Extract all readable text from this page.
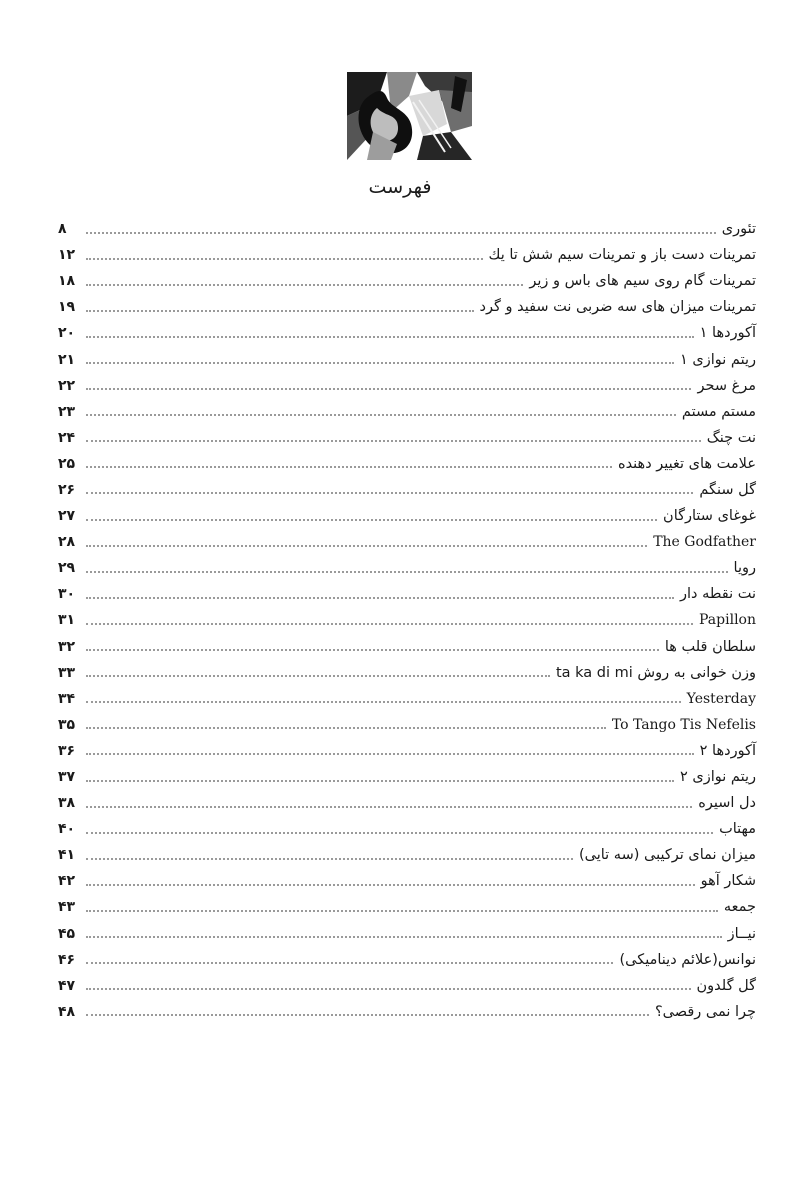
فهرست
تئوری
۸
تمرینات دست باز و تمرینات سیم شش تا یك
۱۲
تمرینات گام روی سیم های باس و زیر
۱۸
تمرینات میزان های سه ضربی نت سفید و گرد
۱۹
آکوردها ۱
۲۰
ریتم نوازی ۱
۲۱
مرغ سحر
۲۲
مستم مستم
۲۳
نت چنگ
۲۴
علامت های تغییر دهنده
۲۵
گل سنگم
۲۶
غوغای ستارگان
۲۷
The Godfather
۲۸
رویا
۲۹
نت نقطه دار
۳۰
Papillon
۳۱
سلطان قلب ها
۳۲
وزن خوانی به روش ta ka di mi
۳۳
Yesterday
۳۴
To Tango Tis Nefelis
۳۵
آکوردها ۲
۳۶
ریتم نوازی ۲
۳۷
دل اسیره
۳۸
مهتاب
۴۰
میزان نمای ترکیبی (سه تایی)
۴۱
شکار آهو
۴۲
جمعه
۴۳
نیــاز
۴۵
نوانس(علائم دینامیکی)
۴۶
گل گلدون
۴۷
چرا نمی رقصی؟
۴۸
